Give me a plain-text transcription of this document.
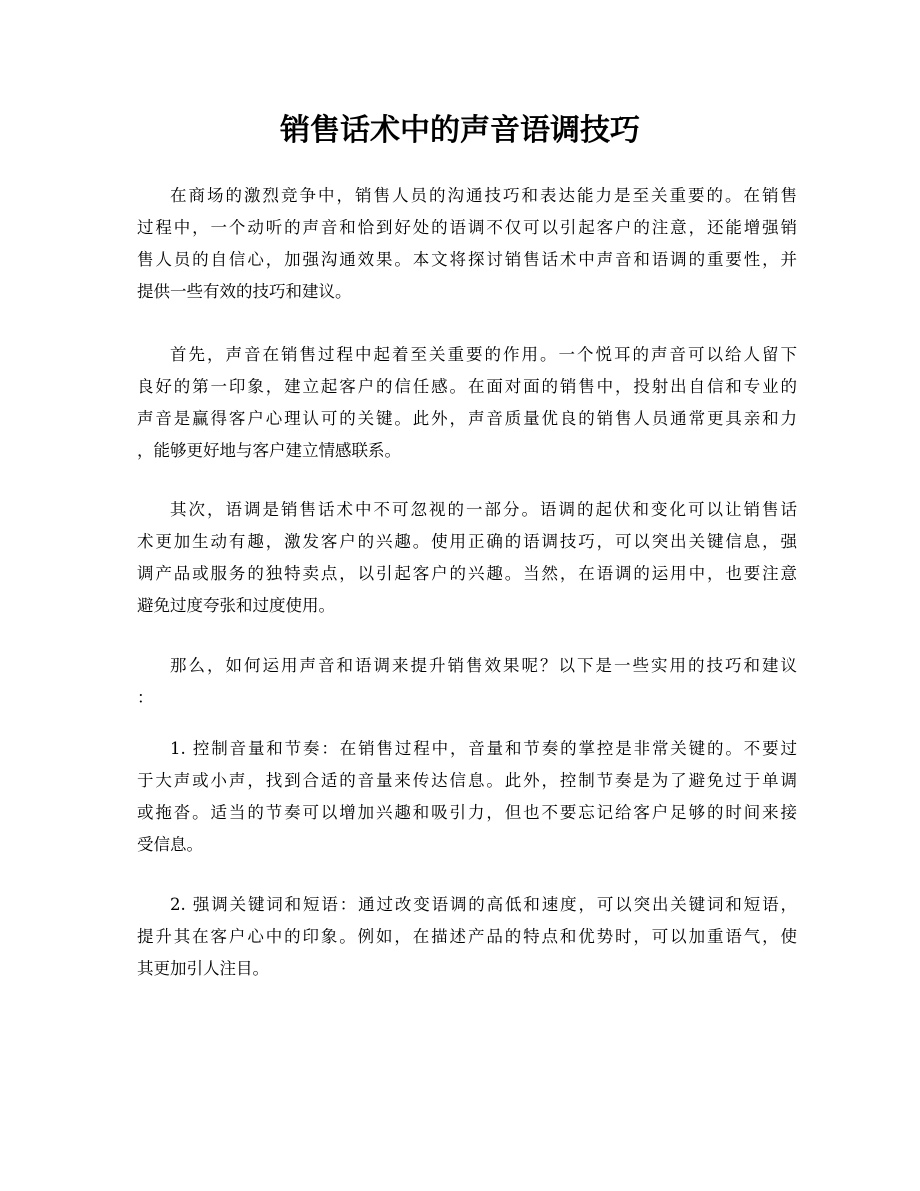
销售话术中的声音语调技巧

在商场的激烈竞争中，销售人员的沟通技巧和表达能力是至关重要的。在销售
过程中，一个动听的声音和恰到好处的语调不仅可以引起客户的注意，还能增强销
售人员的自信心，加强沟通效果。本文将探讨销售话术中声音和语调的重要性，并
提供一些有效的技巧和建议。

首先，声音在销售过程中起着至关重要的作用。一个悦耳的声音可以给人留下
良好的第一印象，建立起客户的信任感。在面对面的销售中，投射出自信和专业的
声音是赢得客户心理认可的关键。此外，声音质量优良的销售人员通常更具亲和力
，能够更好地与客户建立情感联系。

其次，语调是销售话术中不可忽视的一部分。语调的起伏和变化可以让销售话
术更加生动有趣，激发客户的兴趣。使用正确的语调技巧，可以突出关键信息，强
调产品或服务的独特卖点，以引起客户的兴趣。当然，在语调的运用中，也要注意
避免过度夸张和过度使用。

那么，如何运用声音和语调来提升销售效果呢？以下是一些实用的技巧和建议
：

1. 控制音量和节奏：在销售过程中，音量和节奏的掌控是非常关键的。不要过
于大声或小声，找到合适的音量来传达信息。此外，控制节奏是为了避免过于单调
或拖沓。适当的节奏可以增加兴趣和吸引力，但也不要忘记给客户足够的时间来接
受信息。

2. 强调关键词和短语：通过改变语调的高低和速度，可以突出关键词和短语，
提升其在客户心中的印象。例如，在描述产品的特点和优势时，可以加重语气，使
其更加引人注目。
